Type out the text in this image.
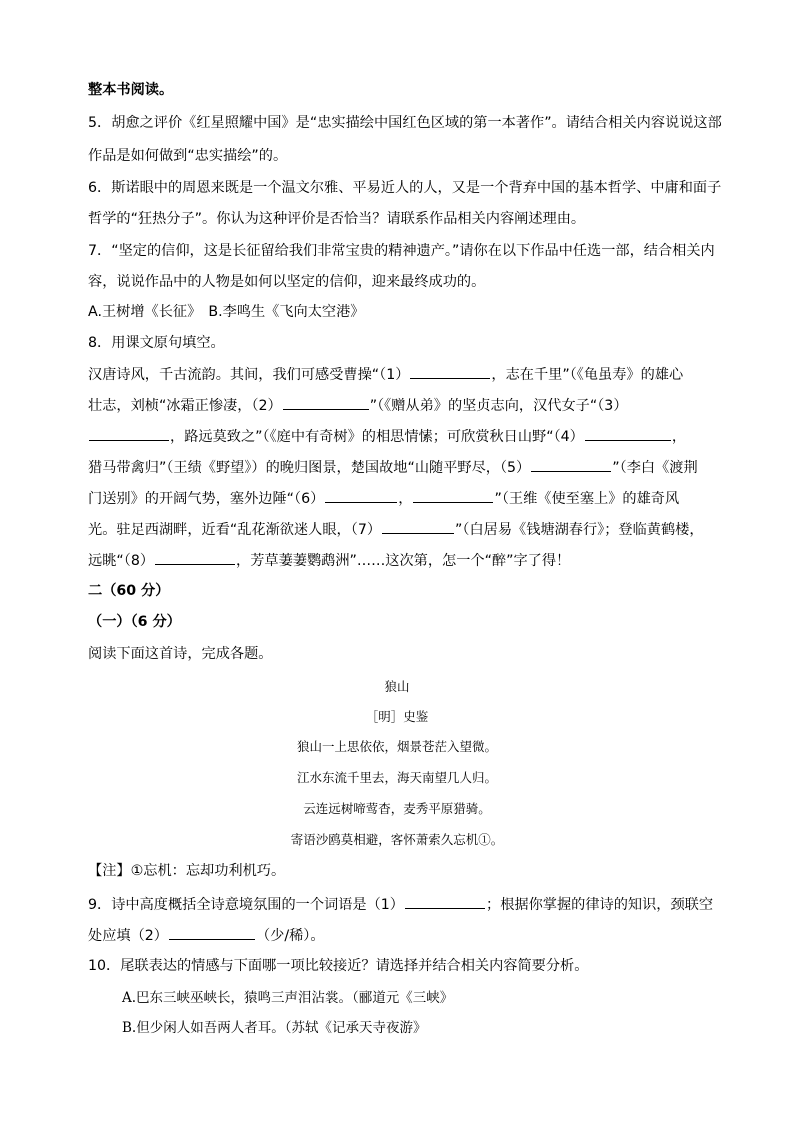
整本书阅读。
5．胡愈之评价《红星照耀中国》是“忠实描绘中国红色区域的第一本著作”。请结合相关内容说说这部
作品是如何做到“忠实描绘”的。
6．斯诺眼中的周恩来既是一个温文尔雅、平易近人的人，又是一个背弃中国的基本哲学、中庸和面子
哲学的“狂热分子”。你认为这种评价是否恰当？请联系作品相关内容阐述理由。
7．“坚定的信仰，这是长征留给我们非常宝贵的精神遗产。”请你在以下作品中任选一部，结合相关内
容，说说作品中的人物是如何以坚定的信仰，迎来最终成功的。
A.王树增《长征》　B.李鸣生《飞向太空港》
8．用课文原句填空。
汉唐诗风，千古流韵。其间，我们可感受曹操“（1）	，志在千里”（《龟虽寿》的雄心
壮志，刘桢“冰霜正惨凄，（2）	”（《赠从弟》的坚贞志向，汉代女子“（3）
，路远莫致之”（《庭中有奇树》的相思情愫；可欣赏秋日山野“（4）	，
猎马带禽归”（王绩《野望》）的晚归图景，楚国故地“山随平野尽，（5）	”（李白《渡荆
门送别》的开阔气势，塞外边陲“（6）	，	”（王维《使至塞上》的雄奇风
光。驻足西湖畔，近看“乱花渐欲迷人眼，（7）	”（白居易《钱塘湖春行》；登临黄鹤楼，
远眺“（8）	，芳草萋萋鹦鹉洲”……这次第，怎一个“醉”字了得！
二（60 分）
（一）（6 分）
阅读下面这首诗，完成各题。
狼山
［明］史鉴
狼山一上思依依，烟景苍茫入望微。
江水东流千里去，海天南望几人归。
云连远树啼莺杳，麦秀平原猎骑。
寄语沙鸥莫相避，客怀萧索久忘机①。
【注】①忘机：忘却功利机巧。
9．诗中高度概括全诗意境氛围的一个词语是（1）	；根据你掌握的律诗的知识，颈联空
处应填（2）	（少/稀）。
10．尾联表达的情感与下面哪一项比较接近？请选择并结合相关内容简要分析。
A.巴东三峡巫峡长，猿鸣三声泪沾裳。（郦道元《三峡》
B.但少闲人如吾两人者耳。（苏轼《记承天寺夜游》
